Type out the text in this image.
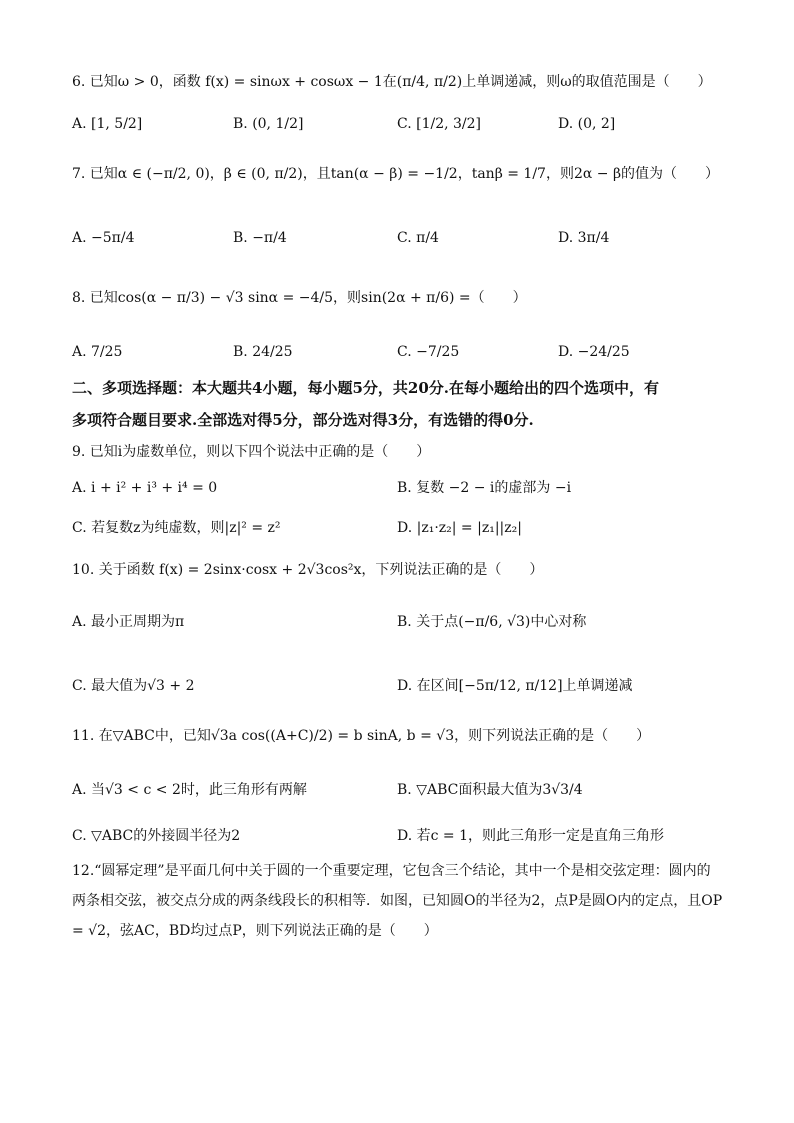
6. 已知ω > 0，函数 f(x) = sinωx + cosωx − 1在(π/4, π/2)上单调递减，则ω的取值范围是（　　）
A. [1, 5/2]	B. (0, 1/2]	C. [1/2, 3/2]	D. (0, 2]
7. 已知α ∈ (−π/2, 0)，β ∈ (0, π/2)，且tan(α − β) = −1/2，tanβ = 1/7，则2α − β的值为（　　）
A. −5π/4	B. −π/4	C. π/4	D. 3π/4
8. 已知cos(α − π/3) − √3 sinα = −4/5，则sin(2α + π/6) =（　　）
A. 7/25	B. 24/25	C. −7/25	D. −24/25
二、多项选择题：本大题共4小题，每小题5分，共20分.在每小题给出的四个选项中，有
多项符合题目要求.全部选对得5分，部分选对得3分，有选错的得0分.
9. 已知i为虚数单位，则以下四个说法中正确的是（　　）
A. i + i² + i³ + i⁴ = 0	B. 复数 −2 − i的虚部为 −i
C. 若复数z为纯虚数，则|z|² = z²	D. |z₁·z₂| = |z₁||z₂|
10. 关于函数 f(x) = 2sinx·cosx + 2√3cos²x，下列说法正确的是（　　）
A. 最小正周期为π	B. 关于点(−π/6, √3)中心对称
C. 最大值为√3 + 2	D. 在区间[−5π/12, π/12]上单调递减
11. 在▽ABC中，已知√3a cos((A+C)/2) = b sinA, b = √3，则下列说法正确的是（　　）
A. 当√3 < c < 2时，此三角形有两解	B. ▽ABC面积最大值为3√3/4
C. ▽ABC的外接圆半径为2	D. 若c = 1，则此三角形一定是直角三角形
12.“圆幂定理”是平面几何中关于圆的一个重要定理，它包含三个结论，其中一个是相交弦定理：圆内的两条相交弦，被交点分成的两条线段长的积相等．如图，已知圆O的半径为2，点P是圆O内的定点，且OP = √2，弦AC，BD均过点P，则下列说法正确的是（　　）
